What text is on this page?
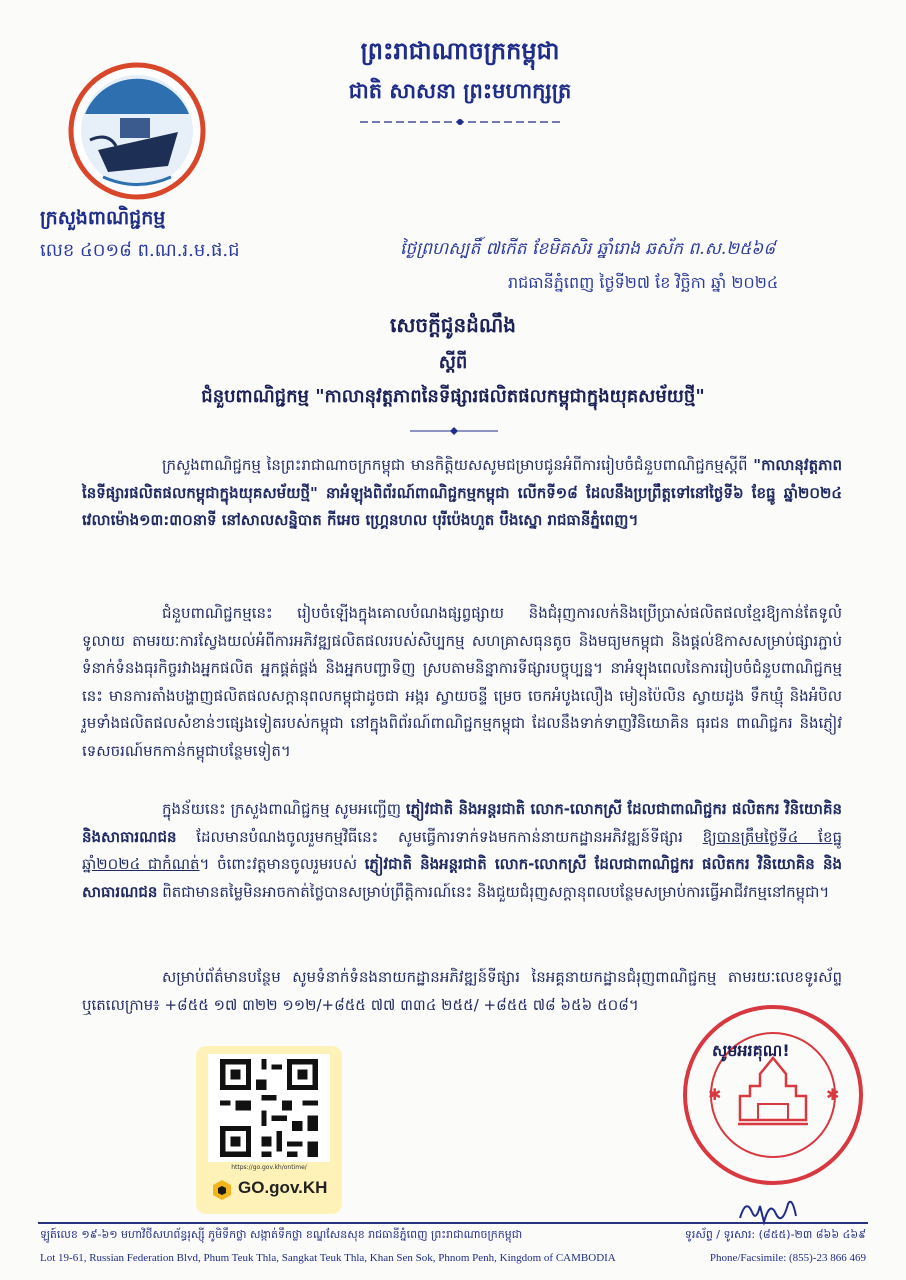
ព្រះរាជាណាចក្រកម្ពុជា
ជាតិ សាសនា ព្រះមហាក្សត្រ
ក្រសួងពាណិជ្ជកម្ម
លេខ ៤០១៨ ព.ណ.រ.ម.ផ.ជ	ថ្ងៃព្រហស្បតិ៍ ៧កើត ខែមិគសិរ ឆ្នាំរោង ឆស័ក ព.ស.២៥៦៨
រាជធានីភ្នំពេញ ថ្ងៃទី២៧ ខែ វិច្ឆិកា ឆ្នាំ ២០២៤
សេចក្តីជូនដំណឹង
ស្តីពី
ជំនួបពាណិជ្ជកម្ម "កាលានុវត្តភាពនៃទីផ្សារផលិតផលកម្ពុជាក្នុងយុគសម័យថ្មី"
ក្រសួងពាណិជ្ជកម្ម នៃព្រះរាជាណាចក្រកម្ពុជា មានកិត្តិយសសូមជម្រាបជូនអំពីការរៀបចំជំនួបពាណិជ្ជកម្មស្តីពី "កាលានុវត្តភាពនៃទីផ្សារផលិតផលកម្ពុជាក្នុងយុគសម័យថ្មី" នាអំឡុងពិព័រណ៍ពាណិជ្ជកម្មកម្ពុជា លើកទី១៨ ដែលនឹងប្រព្រឹត្តទៅនៅថ្ងៃទី៦ ខែធ្នូ ឆ្នាំ២០២៤ វេលាម៉ោង១៣:៣០នាទី នៅសាលសន្និបាត កីអេច ហ្គ្រេនហល បុរីប៉េងហួត បឹងស្នោ រាជធានីភ្នំពេញ។
ជំនួបពាណិជ្ជកម្មនេះ រៀបចំឡើងក្នុងគោលបំណងផ្សព្វផ្សាយ និងជំរុញការលក់និងប្រើប្រាស់ផលិតផលខ្មែរឱ្យកាន់តែទូលំទូលាយ តាមរយៈការស្វែងយល់អំពីការអភិវឌ្ឍផលិតផលរបស់សិប្បកម្ម សហគ្រាសធុនតូច និងមធ្យមកម្ពុជា និងផ្តល់ឱកាសសម្រាប់ផ្សារភ្ជាប់ទំនាក់ទំនងធុរកិច្ចរវាងអ្នកផលិត អ្នកផ្គត់ផ្គង់ និងអ្នកបញ្ជាទិញ ស្របតាមនិន្នាការទីផ្សារបច្ចុប្បន្ន។ នាអំឡុងពេលនៃការរៀបចំជំនួបពាណិជ្ជកម្មនេះ មានការតាំងបង្ហាញផលិតផលសក្តានុពលកម្ពុជាដូចជា អង្ករ ស្វាយចន្ទី ម្រេច ចេកអំបូងលឿង មៀនប៉ៃលិន ស្វាយដូង ទឹកឃ្មុំ និងអំបិល រួមទាំងផលិតផលសំខាន់ៗផ្សេងទៀតរបស់កម្ពុជា នៅក្នុងពិព័រណ៍ពាណិជ្ជកម្មកម្ពុជា ដែលនឹងទាក់ទាញវិនិយោគិន ធុរជន ពាណិជ្ជករ និងភ្ញៀវទេសចរណ៍មកកាន់កម្ពុជាបន្ថែមទៀត។
ក្នុងន័យនេះ ក្រសួងពាណិជ្ជកម្ម សូមអញ្ជើញ ភ្ញៀវជាតិ និងអន្តរជាតិ លោក-លោកស្រី ដែលជាពាណិជ្ជករ ផលិតករ វិនិយោគិន និងសាធារណជន ដែលមានបំណងចូលរួមកម្មវិធីនេះ សូមធ្វើការទាក់ទងមកកាន់នាយកដ្ឋានអភិវឌ្ឍន៍ទីផ្សារ ឱ្យបានត្រឹមថ្ងៃទី៤ ខែធ្នូ ឆ្នាំ២០២៤ ជាកំណត់។ ចំពោះវត្តមានចូលរួមរបស់ ភ្ញៀវជាតិ និងអន្តរជាតិ លោក-លោកស្រី ដែលជាពាណិជ្ជករ ផលិតករ វិនិយោគិន និងសាធារណជន ពិតជាមានតម្លៃមិនអាចកាត់ថ្លៃបានសម្រាប់ព្រឹត្តិការណ៍នេះ និងជួយជំរុញសក្តានុពលបន្ថែមសម្រាប់ការធ្វើអាជីវកម្មនៅកម្ពុជា។
សម្រាប់ព័ត៌មានបន្ថែម សូមទំនាក់ទំនងនាយកដ្ឋានអភិវឌ្ឍន៍ទីផ្សារ នៃអគ្គនាយកដ្ឋានជំរុញពាណិជ្ជកម្ម តាមរយៈលេខទូរស័ព្ទ ឬតេលេក្រាម៖ +៨៥៥ ១៧ ៣២២ ១១២/+៨៥៥ ៧៧ ៣៣៤ ២៥៥/ +៨៥៥ ៧៨ ៦៥៦ ៥០៨។
https://go.gov.kh/ontime/
GO.gov.KH
✱	✱
សូមអរគុណ!
ឡូត៍លេខ ១៩-៦១ មហាវិថីសហព័ន្ធរុស្ស៊ី ភូមិទឹកថ្លា សង្កាត់ទឹកថ្លា ខណ្ឌសែនសុខ រាជធានីភ្នំពេញ ព្រះរាជាណាចក្រកម្ពុជា	ទូរស័ព្ទ / ទូរសារ: (៨៥៥)-២៣ ៨៦៦ ៤៦៩
Lot 19-61, Russian Federation Blvd, Phum Teuk Thla, Sangkat Teuk Thla, Khan Sen Sok, Phnom Penh, Kingdom of CAMBODIA	Phone/Facsimile: (855)-23 866 469
